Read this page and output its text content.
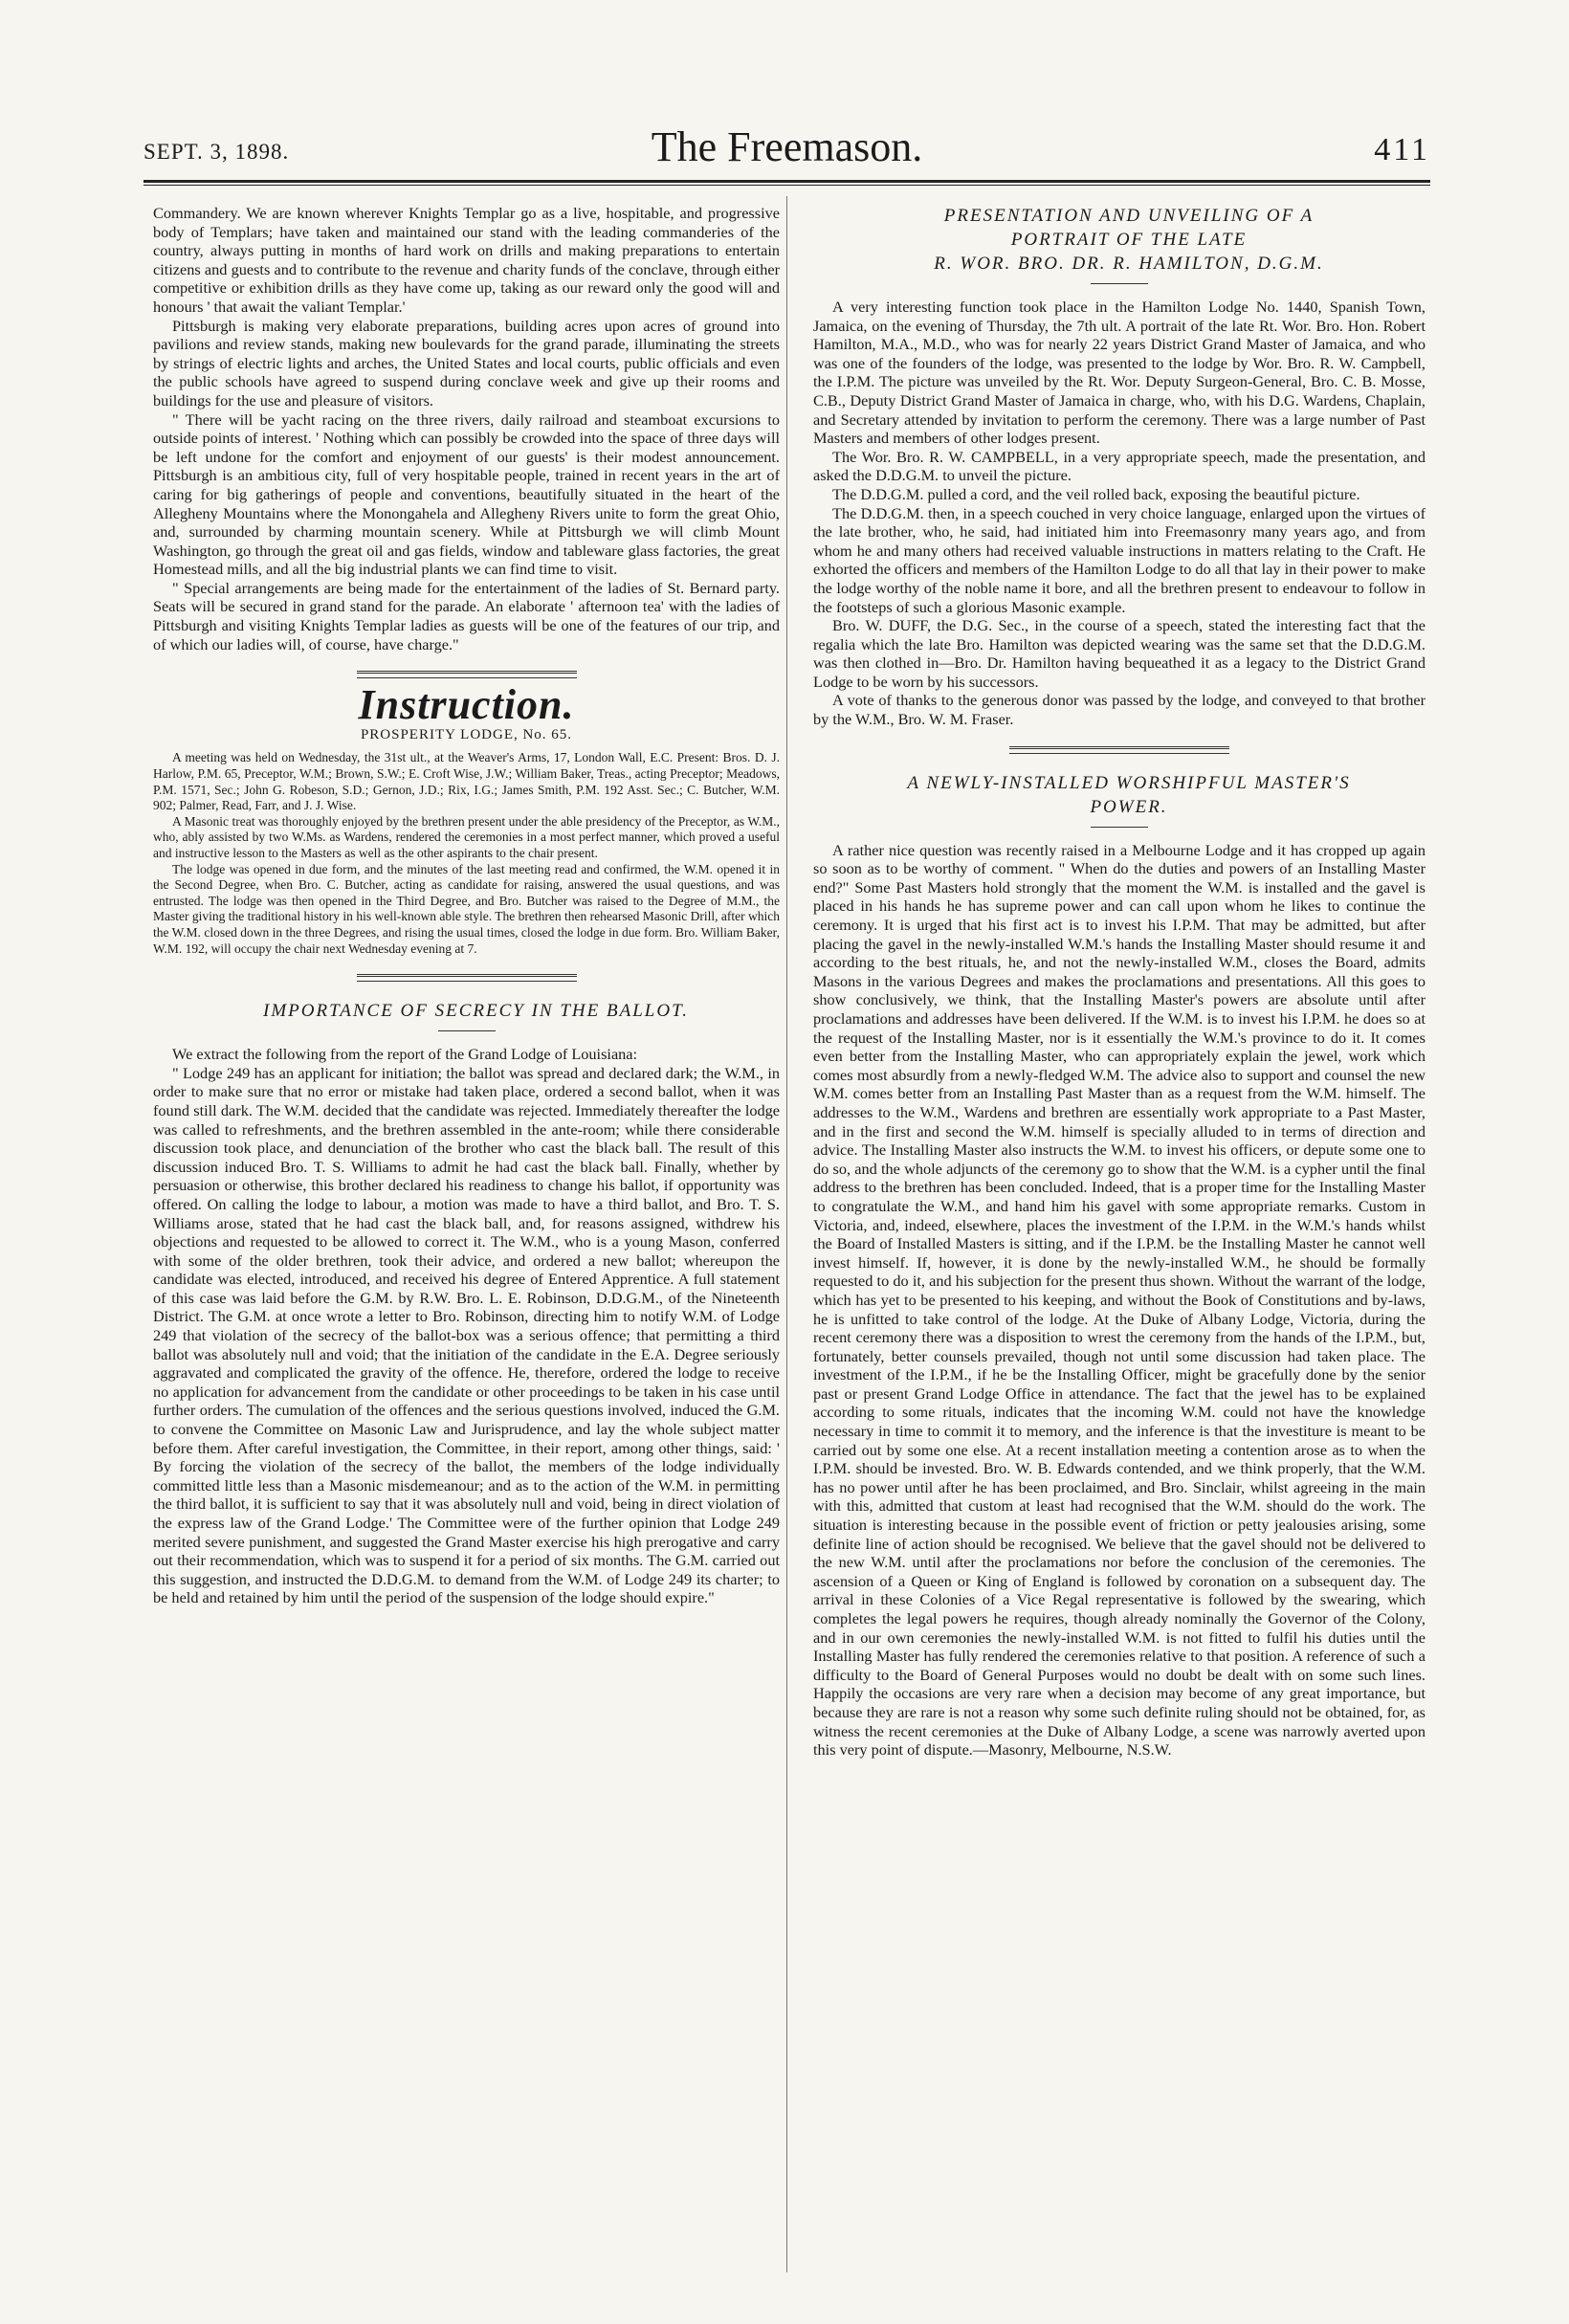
SEPT. 3, 1898.	The Freemason.	411

Commandery. We are known wherever Knights Templar go as a live, hospitable, and progressive body of Templars; have taken and maintained our stand with the leading commanderies of the country, always putting in months of hard work on drills and making preparations to entertain citizens and guests and to contribute to the revenue and charity funds of the conclave, through either competitive or exhibition drills as they have come up, taking as our reward only the good will and honours ' that await the valiant Templar.'

Pittsburgh is making very elaborate preparations, building acres upon acres of ground into pavilions and review stands, making new boulevards for the grand parade, illuminating the streets by strings of electric lights and arches, the United States and local courts, public officials and even the public schools have agreed to suspend during conclave week and give up their rooms and buildings for the use and pleasure of visitors.

" There will be yacht racing on the three rivers, daily railroad and steamboat excursions to outside points of interest. ' Nothing which can possibly be crowded into the space of three days will be left undone for the comfort and enjoyment of our guests' is their modest announcement. Pittsburgh is an ambitious city, full of very hospitable people, trained in recent years in the art of caring for big gatherings of people and conventions, beautifully situated in the heart of the Allegheny Mountains where the Monongahela and Allegheny Rivers unite to form the great Ohio, and, surrounded by charming mountain scenery. While at Pittsburgh we will climb Mount Washington, go through the great oil and gas fields, window and tableware glass factories, the great Homestead mills, and all the big industrial plants we can find time to visit.

" Special arrangements are being made for the entertainment of the ladies of St. Bernard party. Seats will be secured in grand stand for the parade. An elaborate ' afternoon tea' with the ladies of Pittsburgh and visiting Knights Templar ladies as guests will be one of the features of our trip, and of which our ladies will, of course, have charge."

Instruction.
PROSPERITY LODGE, No. 65.

A meeting was held on Wednesday, the 31st ult., at the Weaver's Arms, 17, London Wall, E.C. Present: Bros. D. J. Harlow, P.M. 65, Preceptor, W.M.; Brown, S.W.; E. Croft Wise, J.W.; William Baker, Treas., acting Preceptor; Meadows, P.M. 1571, Sec.; John G. Robeson, S.D.; Gernon, J.D.; Rix, I.G.; James Smith, P.M. 192 Asst. Sec.; C. Butcher, W.M. 902; Palmer, Read, Farr, and J. J. Wise.

A Masonic treat was thoroughly enjoyed by the brethren present under the able presidency of the Preceptor, as W.M., who, ably assisted by two W.Ms. as Wardens, rendered the ceremonies in a most perfect manner, which proved a useful and instructive lesson to the Masters as well as the other aspirants to the chair present.

The lodge was opened in due form, and the minutes of the last meeting read and confirmed, the W.M. opened it in the Second Degree, when Bro. C. Butcher, acting as candidate for raising, answered the usual questions, and was entrusted. The lodge was then opened in the Third Degree, and Bro. Butcher was raised to the Degree of M.M., the Master giving the traditional history in his well-known able style. The brethren then rehearsed Masonic Drill, after which the W.M. closed down in the three Degrees, and rising the usual times, closed the lodge in due form. Bro. William Baker, W.M. 192, will occupy the chair next Wednesday evening at 7.

IMPORTANCE OF SECRECY IN THE BALLOT.

We extract the following from the report of the Grand Lodge of Louisiana:

" Lodge 249 has an applicant for initiation; the ballot was spread and declared dark; the W.M., in order to make sure that no error or mistake had taken place, ordered a second ballot, when it was found still dark. The W.M. decided that the candidate was rejected. Immediately thereafter the lodge was called to refreshments, and the brethren assembled in the ante-room; while there considerable discussion took place, and denunciation of the brother who cast the black ball. The result of this discussion induced Bro. T. S. Williams to admit he had cast the black ball. Finally, whether by persuasion or otherwise, this brother declared his readiness to change his ballot, if opportunity was offered. On calling the lodge to labour, a motion was made to have a third ballot, and Bro. T. S. Williams arose, stated that he had cast the black ball, and, for reasons assigned, withdrew his objections and requested to be allowed to correct it. The W.M., who is a young Mason, conferred with some of the older brethren, took their advice, and ordered a new ballot; whereupon the candidate was elected, introduced, and received his degree of Entered Apprentice. A full statement of this case was laid before the G.M. by R.W. Bro. L. E. Robinson, D.D.G.M., of the Nineteenth District. The G.M. at once wrote a letter to Bro. Robinson, directing him to notify W.M. of Lodge 249 that violation of the secrecy of the ballot-box was a serious offence; that permitting a third ballot was absolutely null and void; that the initiation of the candidate in the E.A. Degree seriously aggravated and complicated the gravity of the offence. He, therefore, ordered the lodge to receive no application for advancement from the candidate or other proceedings to be taken in his case until further orders. The cumulation of the offences and the serious questions involved, induced the G.M. to convene the Committee on Masonic Law and Jurisprudence, and lay the whole subject matter before them. After careful investigation, the Committee, in their report, among other things, said: ' By forcing the violation of the secrecy of the ballot, the members of the lodge individually committed little less than a Masonic misdemeanour; and as to the action of the W.M. in permitting the third ballot, it is sufficient to say that it was absolutely null and void, being in direct violation of the express law of the Grand Lodge.' The Committee were of the further opinion that Lodge 249 merited severe punishment, and suggested the Grand Master exercise his high prerogative and carry out their recommendation, which was to suspend it for a period of six months. The G.M. carried out this suggestion, and instructed the D.D.G.M. to demand from the W.M. of Lodge 249 its charter; to be held and retained by him until the period of the suspension of the lodge should expire."

PRESENTATION AND UNVEILING OF A

PORTRAIT OF THE LATE

R. WOR. BRO. DR. R. HAMILTON, D.G.M.

A very interesting function took place in the Hamilton Lodge No. 1440, Spanish Town, Jamaica, on the evening of Thursday, the 7th ult. A portrait of the late Rt. Wor. Bro. Hon. Robert Hamilton, M.A., M.D., who was for nearly 22 years District Grand Master of Jamaica, and who was one of the founders of the lodge, was presented to the lodge by Wor. Bro. R. W. Campbell, the I.P.M. The picture was unveiled by the Rt. Wor. Deputy Surgeon-General, Bro. C. B. Mosse, C.B., Deputy District Grand Master of Jamaica in charge, who, with his D.G. Wardens, Chaplain, and Secretary attended by invitation to perform the ceremony. There was a large number of Past Masters and members of other lodges present.

The Wor. Bro. R. W. CAMPBELL, in a very appropriate speech, made the presentation, and asked the D.D.G.M. to unveil the picture.

The D.D.G.M. pulled a cord, and the veil rolled back, exposing the beautiful picture.

The D.D.G.M. then, in a speech couched in very choice language, enlarged upon the virtues of the late brother, who, he said, had initiated him into Freemasonry many years ago, and from whom he and many others had received valuable instructions in matters relating to the Craft. He exhorted the officers and members of the Hamilton Lodge to do all that lay in their power to make the lodge worthy of the noble name it bore, and all the brethren present to endeavour to follow in the footsteps of such a glorious Masonic example.

Bro. W. DUFF, the D.G. Sec., in the course of a speech, stated the interesting fact that the regalia which the late Bro. Hamilton was depicted wearing was the same set that the D.D.G.M. was then clothed in—Bro. Dr. Hamilton having bequeathed it as a legacy to the District Grand Lodge to be worn by his successors.

A vote of thanks to the generous donor was passed by the lodge, and conveyed to that brother by the W.M., Bro. W. M. Fraser.

A NEWLY-INSTALLED WORSHIPFUL MASTER'S

POWER.

A rather nice question was recently raised in a Melbourne Lodge and it has cropped up again so soon as to be worthy of comment. " When do the duties and powers of an Installing Master end?" Some Past Masters hold strongly that the moment the W.M. is installed and the gavel is placed in his hands he has supreme power and can call upon whom he likes to continue the ceremony. It is urged that his first act is to invest his I.P.M. That may be admitted, but after placing the gavel in the newly-installed W.M.'s hands the Installing Master should resume it and according to the best rituals, he, and not the newly-installed W.M., closes the Board, admits Masons in the various Degrees and makes the proclamations and presentations. All this goes to show conclusively, we think, that the Installing Master's powers are absolute until after proclamations and addresses have been delivered. If the W.M. is to invest his I.P.M. he does so at the request of the Installing Master, nor is it essentially the W.M.'s province to do it. It comes even better from the Installing Master, who can appropriately explain the jewel, work which comes most absurdly from a newly-fledged W.M. The advice also to support and counsel the new W.M. comes better from an Installing Past Master than as a request from the W.M. himself. The addresses to the W.M., Wardens and brethren are essentially work appropriate to a Past Master, and in the first and second the W.M. himself is specially alluded to in terms of direction and advice. The Installing Master also instructs the W.M. to invest his officers, or depute some one to do so, and the whole adjuncts of the ceremony go to show that the W.M. is a cypher until the final address to the brethren has been concluded. Indeed, that is a proper time for the Installing Master to congratulate the W.M., and hand him his gavel with some appropriate remarks. Custom in Victoria, and, indeed, elsewhere, places the investment of the I.P.M. in the W.M.'s hands whilst the Board of Installed Masters is sitting, and if the I.P.M. be the Installing Master he cannot well invest himself. If, however, it is done by the newly-installed W.M., he should be formally requested to do it, and his subjection for the present thus shown. Without the warrant of the lodge, which has yet to be presented to his keeping, and without the Book of Constitutions and by-laws, he is unfitted to take control of the lodge. At the Duke of Albany Lodge, Victoria, during the recent ceremony there was a disposition to wrest the ceremony from the hands of the I.P.M., but, fortunately, better counsels prevailed, though not until some discussion had taken place. The investment of the I.P.M., if he be the Installing Officer, might be gracefully done by the senior past or present Grand Lodge Office in attendance. The fact that the jewel has to be explained according to some rituals, indicates that the incoming W.M. could not have the knowledge necessary in time to commit it to memory, and the inference is that the investiture is meant to be carried out by some one else. At a recent installation meeting a contention arose as to when the I.P.M. should be invested. Bro. W. B. Edwards contended, and we think properly, that the W.M. has no power until after he has been proclaimed, and Bro. Sinclair, whilst agreeing in the main with this, admitted that custom at least had recognised that the W.M. should do the work. The situation is interesting because in the possible event of friction or petty jealousies arising, some definite line of action should be recognised. We believe that the gavel should not be delivered to the new W.M. until after the proclamations nor before the conclusion of the ceremonies. The ascension of a Queen or King of England is followed by coronation on a subsequent day. The arrival in these Colonies of a Vice Regal representative is followed by the swearing, which completes the legal powers he requires, though already nominally the Governor of the Colony, and in our own ceremonies the newly-installed W.M. is not fitted to fulfil his duties until the Installing Master has fully rendered the ceremonies relative to that position. A reference of such a difficulty to the Board of General Purposes would no doubt be dealt with on some such lines. Happily the occasions are very rare when a decision may become of any great importance, but because they are rare is not a reason why some such definite ruling should not be obtained, for, as witness the recent ceremonies at the Duke of Albany Lodge, a scene was narrowly averted upon this very point of dispute.—Masonry, Melbourne, N.S.W.
